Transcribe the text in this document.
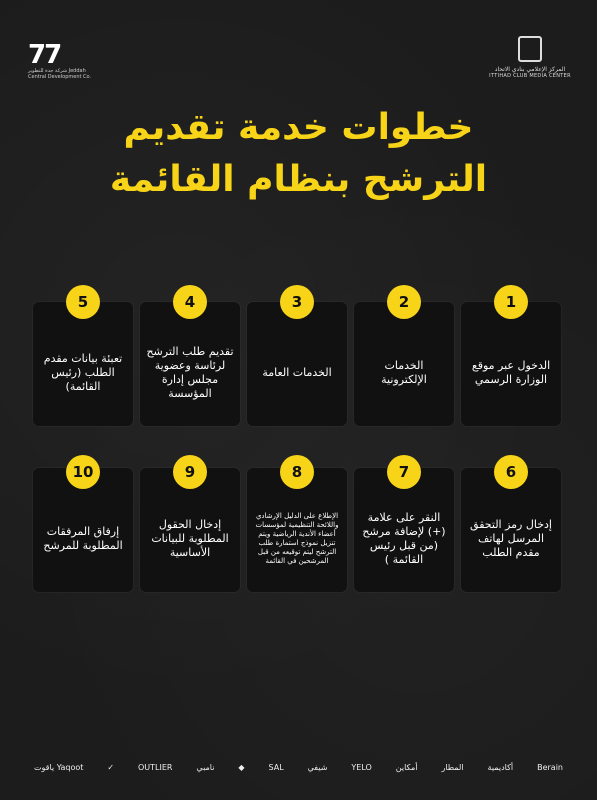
77
شركة جدة للتطوير Jeddah Central Development Co.
المركز الإعلامي بنادي الاتحاد
ITTIHAD CLUB MEDIA CENTER
خطوات خدمة تقديم
الترشح بنظام القائمة
الدخول عبر موقع الوزارة الرسمي
الخدمات الإلكترونية
الخدمات العامة
تقديم طلب الترشح لرئاسة وعضوية مجلس إدارة المؤسسة
تعبئة بيانات مقدم الطلب (رئيس القائمة)
1
2
3
4
5
إدخال رمز التحقق المرسل لهاتف مقدم الطلب
النقر على علامة (+) لإضافة مرشح (من قبل رئيس القائمة )
الإطلاع على الدليل الإرشادي واللائحة التنظيمية لمؤسسات أعضاء الأندية الرياضية ويتم تنزيل نموذج استمارة طلب الترشح ليتم توقيعه من قبل المرشحين في القائمة
إدخال الحقول المطلوبة للبيانات الأساسية
إرفاق المرفقات المطلوبة للمرشح
6
7
8
9
10
ياقوت Yaqoot	✓	OUTLIER	نامبي	◆	SAL	شيفي	YELO	أمكاين	المطار	أكاديمية	Berain
